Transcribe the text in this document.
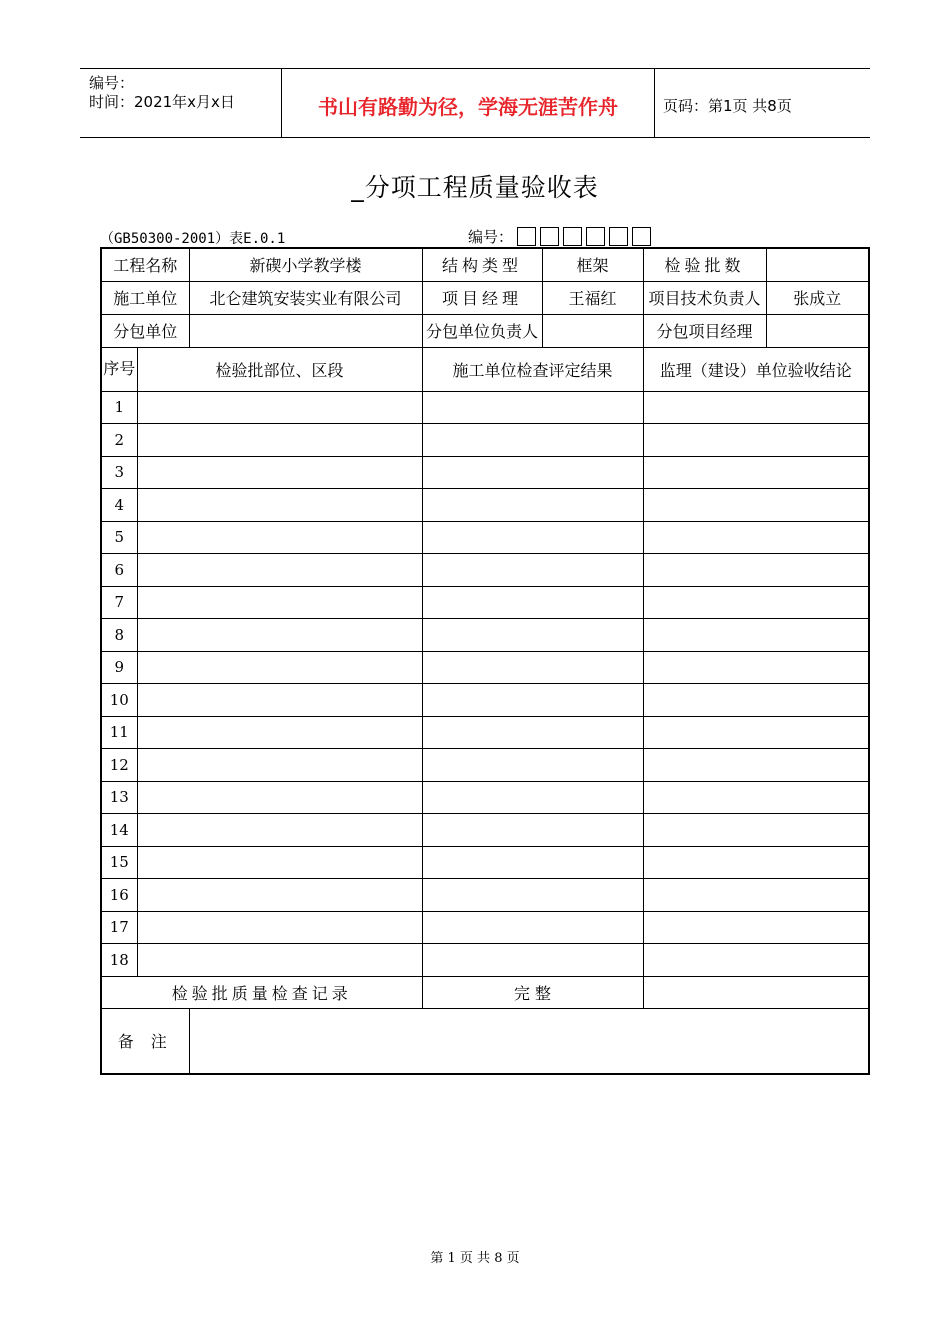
编号：
时间：2021年x月x日	书山有路勤为径，学海无涯苦作舟	页码：第1页 共8页
_分项工程质量验收表
（GB50300-2001）表E.0.1	编号：
工程名称		新碶小学教学楼	结构类型	框架	检验批数	
施工单位		北仑建筑安装实业有限公司	项目经理	王福红	项目技术负责人	张成立
分包单位			分包单位负责人		分包项目经理	
序号	检验批部位、区段		施工单位检查评定结果		监理（建设）单位验收结论	
1						
2						
3						
4						
5						
6						
7						
8						
9						
10						
11						
12						
13						
14						
15						
16						
17						
18						
检验批质量检查记录			完 整			
备 注						
第 1 页 共 8 页
